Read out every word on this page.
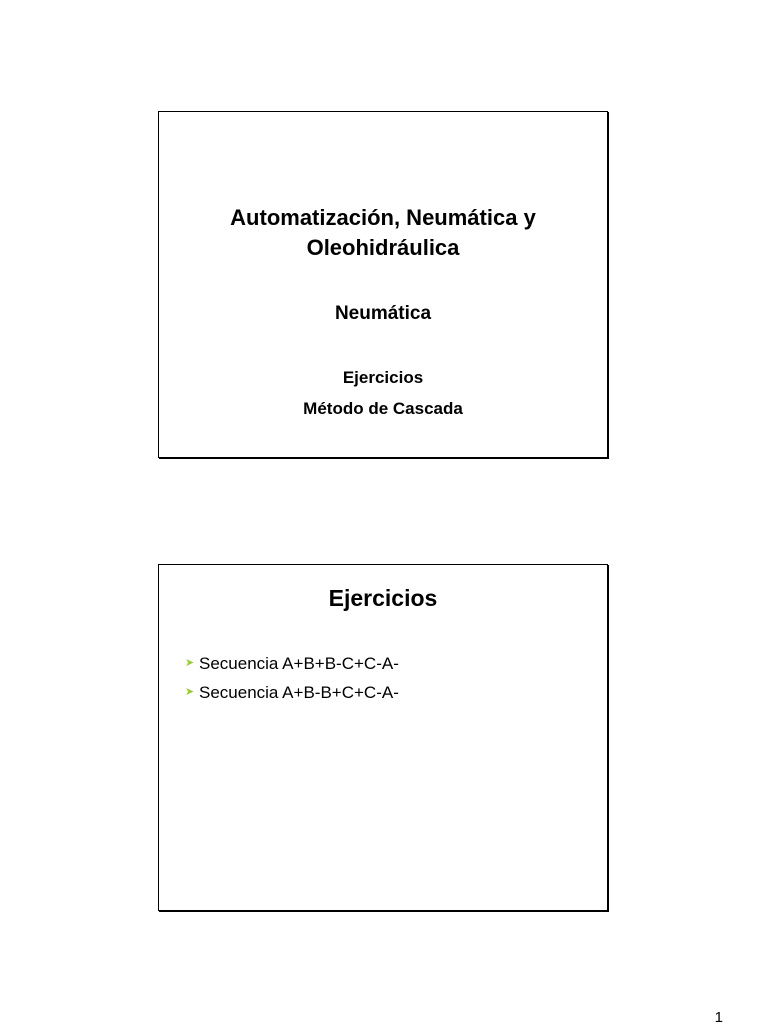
Automatización, Neumática y
Oleohidráulica
Neumática
Ejercicios
Método de Cascada
Ejercicios
➤ Secuencia A+B+B-C+C-A-
➤ Secuencia A+B-B+C+C-A-
1
